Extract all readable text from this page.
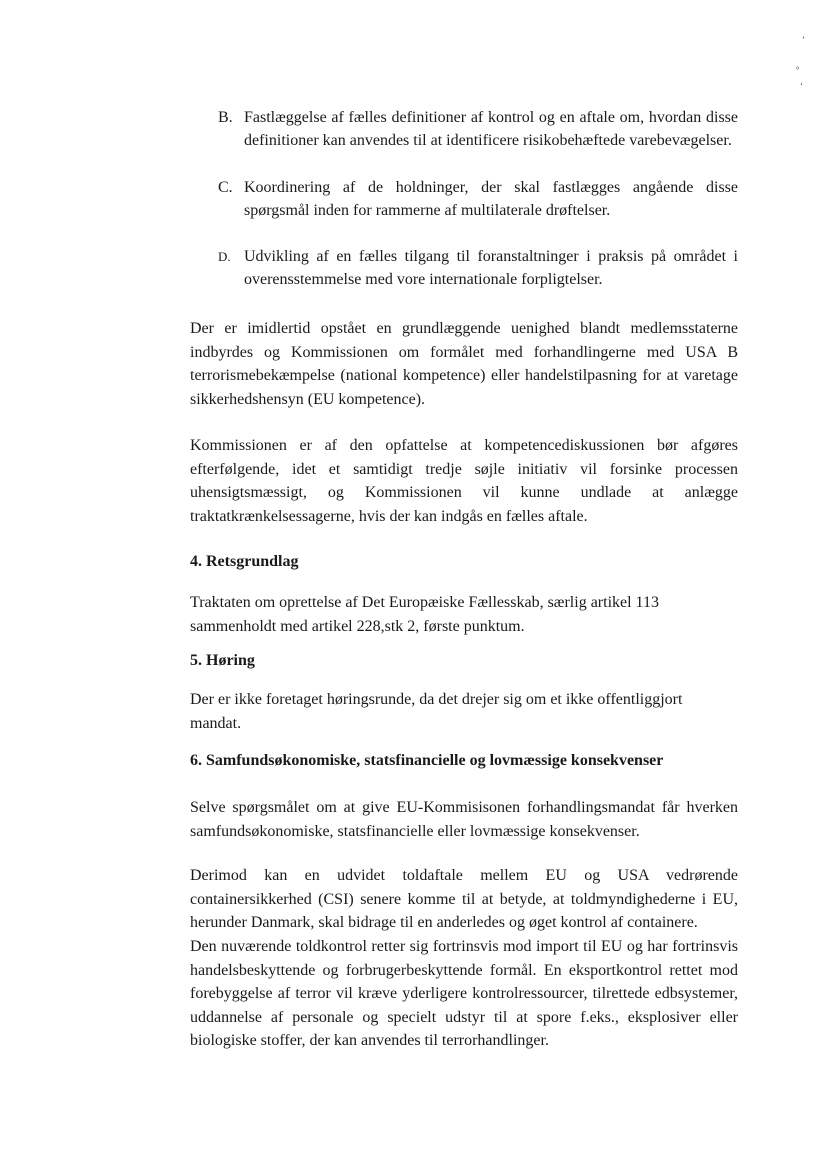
B. Fastlæggelse af fælles definitioner af kontrol og en aftale om, hvordan disse definitioner kan anvendes til at identificere risikobehæftede varebevægelser.
C. Koordinering af de holdninger, der skal fastlægges angående disse spørgsmål inden for rammerne af multilaterale drøftelser.
D. Udvikling af en fælles tilgang til foranstaltninger i praksis på området i overensstemmelse med vore internationale forpligtelser.
Der er imidlertid opstået en grundlæggende uenighed blandt medlemsstaterne indbyrdes og Kommissionen om formålet med forhandlingerne med USA B terrorismebekæmpelse (national kompetence) eller handelstilpasning for at varetage sikkerhedshensyn (EU kompetence).
Kommissionen er af den opfattelse at kompetencediskussionen bør afgøres efterfølgende, idet et samtidigt tredje søjle initiativ vil forsinke processen uhensigtsmæssigt, og Kommissionen vil kunne undlade at anlægge traktatkrænkelsessagerne, hvis der kan indgås en fælles aftale.
4. Retsgrundlag
Traktaten om oprettelse af Det Europæiske Fællesskab, særlig artikel 113 sammenholdt med artikel 228,stk 2, første punktum.
5. Høring
Der er ikke foretaget høringsrunde, da det drejer sig om et ikke offentliggjort mandat.
6. Samfundsøkonomiske, statsfinancielle og lovmæssige konsekvenser
Selve spørgsmålet om at give EU-Kommisisonen forhandlingsmandat får hverken samfundsøkonomiske, statsfinancielle eller lovmæssige konsekvenser.
Derimod kan en udvidet toldaftale mellem EU og USA vedrørende containersikkerhed (CSI) senere komme til at betyde, at toldmyndighederne i EU, herunder Danmark, skal bidrage til en anderledes og øget kontrol af containere.
Den nuværende toldkontrol retter sig fortrinsvis mod import til EU og har fortrinsvis handelsbeskyttende og forbrugerbeskyttende formål. En eksportkontrol rettet mod forebyggelse af terror vil kræve yderligere kontrolressourcer, tilrettede edbsystemer, uddannelse af personale og specielt udstyr til at spore f.eks., eksplosiver eller biologiske stoffer, der kan anvendes til terrorhandlinger.
’
°
‘
